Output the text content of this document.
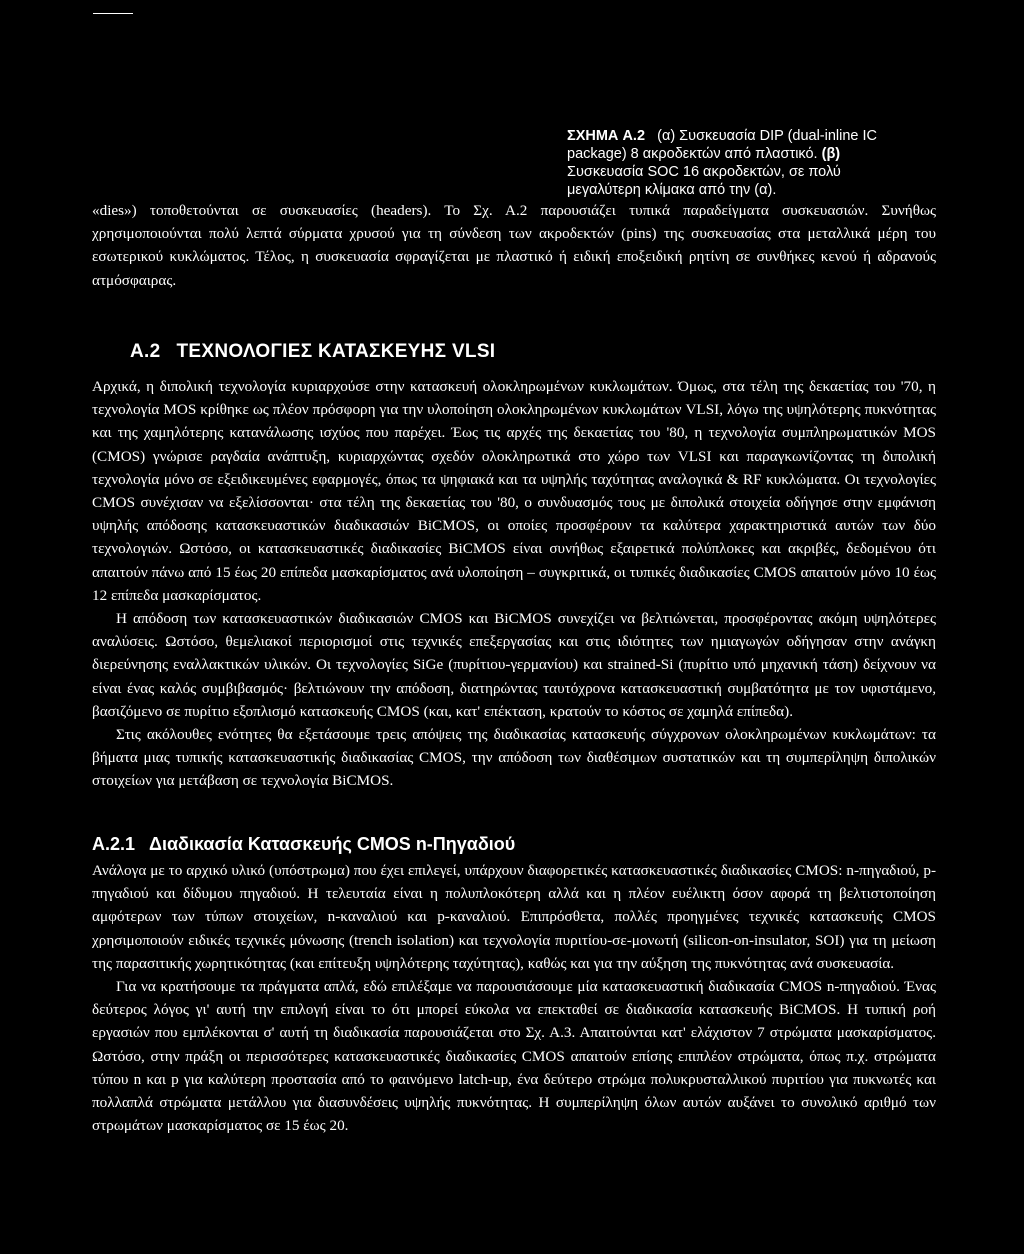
ΣΧΗΜΑ Α.2 (α) Συσκευασία DIP (dual-inline IC package) 8 ακροδεκτών από πλαστικό. (β) Συσκευασία SOC 16 ακροδεκτών, σε πολύ μεγαλύτερη κλίμακα από την (α).

«dies») τοποθετούνται σε συσκευασίες (headers). Το Σχ. Α.2 παρουσιάζει τυπικά παραδείγματα συσκευασιών. Συνήθως χρησιμοποιούνται πολύ λεπτά σύρματα χρυσού για τη σύνδεση των ακροδεκτών (pins) της συσκευασίας στα μεταλλικά μέρη του εσωτερικού κυκλώματος. Τέλος, η συσκευασία σφραγίζεται με πλαστικό ή ειδική εποξειδική ρητίνη σε συνθήκες κενού ή αδρανούς ατμόσφαιρας.

Α.2 ΤΕΧΝΟΛΟΓΙΕΣ ΚΑΤΑΣΚΕΥΗΣ VLSI

Αρχικά, η διπολική τεχνολογία κυριαρχούσε στην κατασκευή ολοκληρωμένων κυκλωμάτων. Όμως, στα τέλη της δεκαετίας του '70, η τεχνολογία MOS κρίθηκε ως πλέον πρόσφορη για την υλοποίηση ολοκληρωμένων κυκλωμάτων VLSI, λόγω της υψηλότερης πυκνότητας και της χαμηλότερης κατανάλωσης ισχύος που παρέχει. Έως τις αρχές της δεκαετίας του '80, η τεχνολογία συμπληρωματικών MOS (CMOS) γνώρισε ραγδαία ανάπτυξη, κυριαρχώντας σχεδόν ολοκληρωτικά στο χώρο των VLSI και παραγκωνίζοντας τη διπολική τεχνολογία μόνο σε εξειδικευμένες εφαρμογές, όπως τα ψηφιακά και τα υψηλής ταχύτητας αναλογικά & RF κυκλώματα. Οι τεχνολογίες CMOS συνέχισαν να εξελίσσονται· στα τέλη της δεκαετίας του '80, ο συνδυασμός τους με διπολικά στοιχεία οδήγησε στην εμφάνιση υψηλής απόδοσης κατασκευαστικών διαδικασιών BiCMOS, οι οποίες προσφέρουν τα καλύτερα χαρακτηριστικά αυτών των δύο τεχνολογιών. Ωστόσο, οι κατασκευαστικές διαδικασίες BiCMOS είναι συνήθως εξαιρετικά πολύπλοκες και ακριβές, δεδομένου ότι απαιτούν πάνω από 15 έως 20 επίπεδα μασκαρίσματος ανά υλοποίηση – συγκριτικά, οι τυπικές διαδικασίες CMOS απαιτούν μόνο 10 έως 12 επίπεδα μασκαρίσματος.

Η απόδοση των κατασκευαστικών διαδικασιών CMOS και BiCMOS συνεχίζει να βελτιώνεται, προσφέροντας ακόμη υψηλότερες αναλύσεις. Ωστόσο, θεμελιακοί περιορισμοί στις τεχνικές επεξεργασίας και στις ιδιότητες των ημιαγωγών οδήγησαν στην ανάγκη διερεύνησης εναλλακτικών υλικών. Οι τεχνολογίες SiGe (πυρίτιου-γερμανίου) και strained-Si (πυρίτιο υπό μηχανική τάση) δείχνουν να είναι ένας καλός συμβιβασμός· βελτιώνουν την απόδοση, διατηρώντας ταυτόχρονα κατασκευαστική συμβατότητα με τον υφιστάμενο, βασιζόμενο σε πυρίτιο εξοπλισμό κατασκευής CMOS (και, κατ' επέκταση, κρατούν το κόστος σε χαμηλά επίπεδα).

Στις ακόλουθες ενότητες θα εξετάσουμε τρεις απόψεις της διαδικασίας κατασκευής σύγχρονων ολοκληρωμένων κυκλωμάτων: τα βήματα μιας τυπικής κατασκευαστικής διαδικασίας CMOS, την απόδοση των διαθέσιμων συστατικών και τη συμπερίληψη διπολικών στοιχείων για μετάβαση σε τεχνολογία BiCMOS.

Α.2.1 Διαδικασία Κατασκευής CMOS n-Πηγαδιού

Ανάλογα με το αρχικό υλικό (υπόστρωμα) που έχει επιλεγεί, υπάρχουν διαφορετικές κατασκευαστικές διαδικασίες CMOS: n-πηγαδιού, p-πηγαδιού και δίδυμου πηγαδιού. Η τελευταία είναι η πολυπλοκότερη αλλά και η πλέον ευέλικτη όσον αφορά τη βελτιστοποίηση αμφότερων των τύπων στοιχείων, n-καναλιού και p-καναλιού. Επιπρόσθετα, πολλές προηγμένες τεχνικές κατασκευής CMOS χρησιμοποιούν ειδικές τεχνικές μόνωσης (trench isolation) και τεχνολογία πυριτίου-σε-μονωτή (silicon-on-insulator, SOI) για τη μείωση της παρασιτικής χωρητικότητας (και επίτευξη υψηλότερης ταχύτητας), καθώς και για την αύξηση της πυκνότητας ανά συσκευασία.

Για να κρατήσουμε τα πράγματα απλά, εδώ επιλέξαμε να παρουσιάσουμε μία κατασκευαστική διαδικασία CMOS n-πηγαδιού. Ένας δεύτερος λόγος γι' αυτή την επιλογή είναι το ότι μπορεί εύκολα να επεκταθεί σε διαδικασία κατασκευής BiCMOS. Η τυπική ροή εργασιών που εμπλέκονται σ' αυτή τη διαδικασία παρουσιάζεται στο Σχ. Α.3. Απαιτούνται κατ' ελάχιστον 7 στρώματα μασκαρίσματος. Ωστόσο, στην πράξη οι περισσότερες κατασκευαστικές διαδικασίες CMOS απαιτούν επίσης επιπλέον στρώματα, όπως π.χ. στρώματα τύπου n και p για καλύτερη προστασία από το φαινόμενο latch-up, ένα δεύτερο στρώμα πολυκρυσταλλικού πυριτίου για πυκνωτές και πολλαπλά στρώματα μετάλλου για διασυνδέσεις υψηλής πυκνότητας. Η συμπερίληψη όλων αυτών αυξάνει το συνολικό αριθμό των στρωμάτων μασκαρίσματος σε 15 έως 20.
